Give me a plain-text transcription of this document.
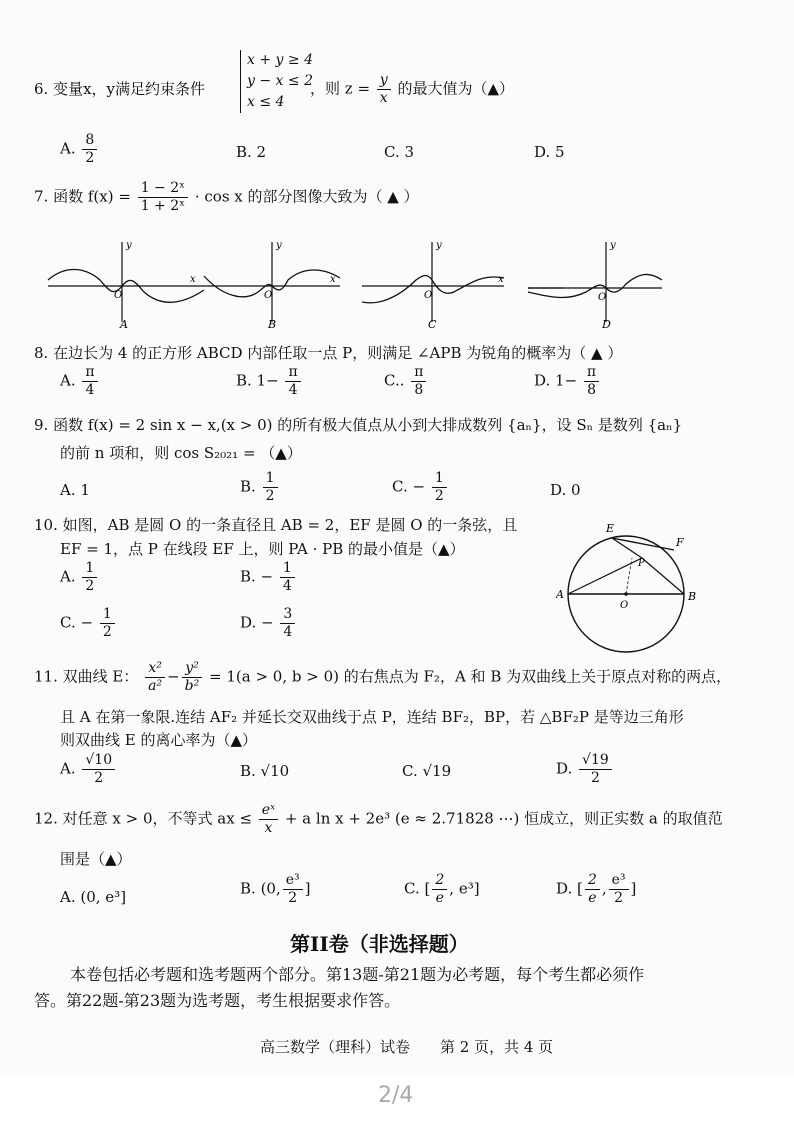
6. 变量x，y满足约束条件
x + y ≥ 4
y − x ≤ 2
x ≤ 4
，则 $z = \frac{y}{x}$ 的最大值为（▲）
A. $\frac{8}{2}$	B. 2	C. 3	D. 5
7. 函数 $f(x) = \frac{\text{1 − 2ˣ}}{\text{1 + 2ˣ}} \cdot \cos x$ 的部分图像大致为（ ▲ ）
y
x
O
A
y
x
O
B
y
x
O
C
y
O
D
8. 在边长为 4 的正方形 ABCD 内部任取一点 P，则满足 ∠APB 为锐角的概率为（ ▲ ）
A. $\frac{\pi}{4}$	B. $1- \frac{\pi}{4}$	C.. $\frac{\pi}{8}$	D. $1- \frac{\pi}{8}$
9. 函数 f(x) = 2 sin x − x,(x > 0) 的所有极大值点从小到大排成数列 {aₙ}，设 Sₙ 是数列 {aₙ}
的前 n 项和，则 cos S₂₀₂₁ = （▲）
A. 1	B. $\frac{1}{2}$	C. − $\frac{1}{2}$	D. 0
10. 如图，AB 是圆 O 的一条直径且 AB = 2，EF 是圆 O 的一条弦，且
EF = 1，点 P 在线段 EF 上，则 PA · PB 的最小值是（▲）
A. $\frac{1}{2}$	B. − $\frac{1}{4}$
C. − $\frac{1}{2}$	D. − $\frac{3}{4}$
E
F
P
A
O
B
11. 双曲线 E： $\frac{\text{x²}}{\text{a²}} - \frac{\text{y²}}{\text{b²}} = 1(a > 0$, b > 0) 的右焦点为 F₂，A 和 B 为双曲线上关于原点对称的两点，
且 A 在第一象限.连结 AF₂ 并延长交双曲线于点 P，连结 BF₂，BP，若 △BF₂P 是等边三角形
则双曲线 E 的离心率为（▲）
A. $\frac{√10}{2}$	B. √10	C. √19	D. $\frac{√19}{2}$
12. 对任意 x > 0，不等式 ax ≤ $\frac{\text{eˣ}}{x} + a$ ln x + 2e³ (e ≈ 2.71828 ⋯) 恒成立，则正实数 a 的取值范
围是（▲）
A. (0, e³]	B. (0, $\frac{\text{e³}}{2}$ ]	C. [ $\frac{2}{e}$ , e³]	D. [ $\frac{2}{e}$ , $\frac{\text{e³}}{2}$ ]
第II卷（非选择题）
本卷包括必考题和选考题两个部分。第13题-第21题为必考题，每个考生都必须作
答。第22题-第23题为选考题，考生根据要求作答。
高三数学（理科）试卷　　第 2 页，共 4 页
2/4
